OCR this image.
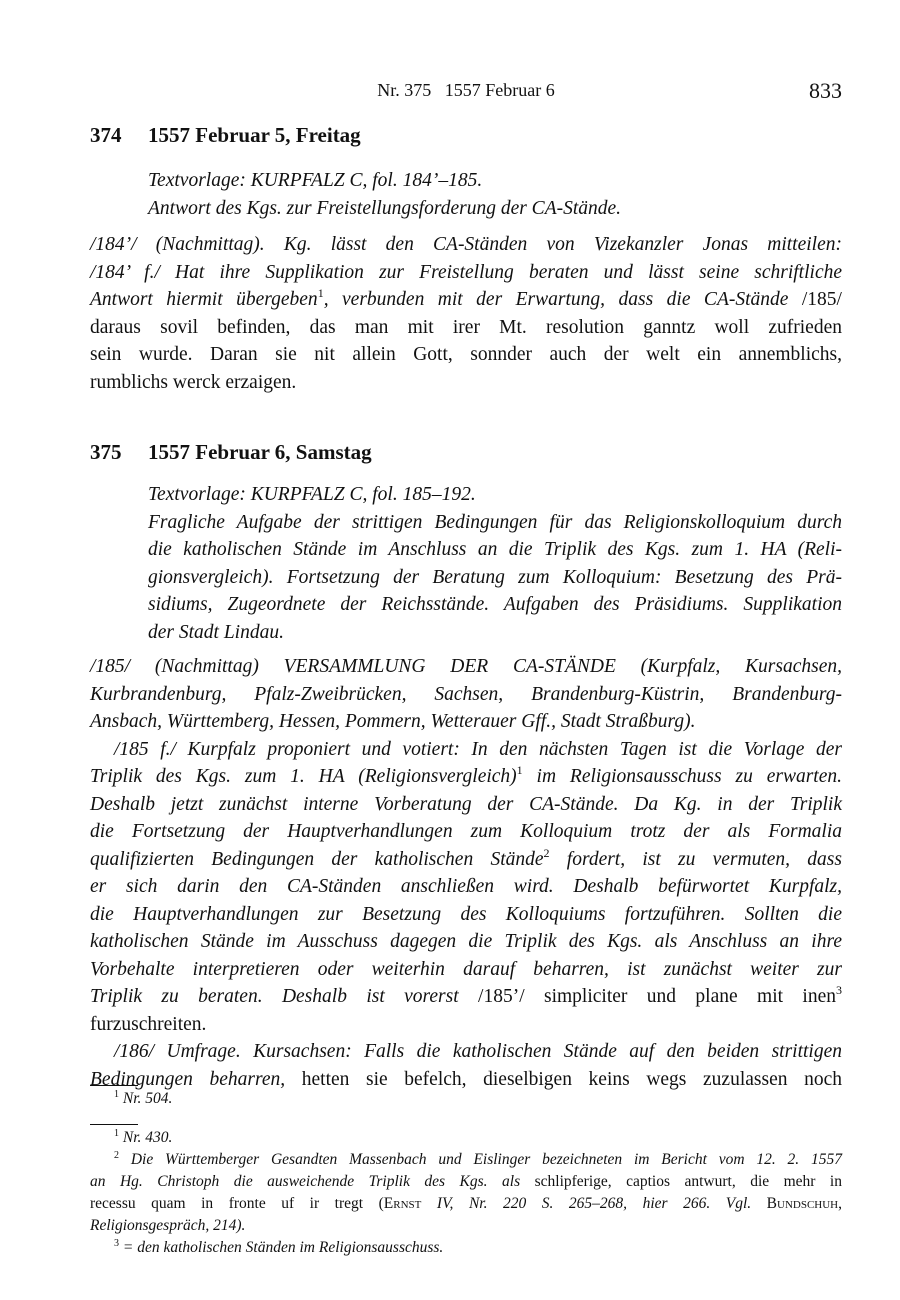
Nr. 375   1557 Februar 6	833
374 1557 Februar 5, Freitag
Textvorlage: KURPFALZ C, fol. 184’–185.
Antwort des Kgs. zur Freistellungsforderung der CA-Stände.
/184’/ (Nachmittag). Kg. lässt den CA-Ständen von Vizekanzler Jonas mitteilen:
/184’ f./ Hat ihre Supplikation zur Freistellung beraten und lässt seine schriftliche
Antwort hiermit übergeben$^1$, verbunden mit der Erwartung, dass die CA-Stände /185/
daraus sovil befinden, das man mit irer Mt. resolution ganntz woll zufrieden
sein wurde. Daran sie nit allein Gott, sonnder auch der welt ein annemblichs,
rumblichs werck erzaigen.
375 1557 Februar 6, Samstag
Textvorlage: KURPFALZ C, fol. 185–192.
Fragliche Aufgabe der strittigen Bedingungen für das Religionskolloquium durch
die katholischen Stände im Anschluss an die Triplik des Kgs. zum 1. HA (Reli-
gionsvergleich). Fortsetzung der Beratung zum Kolloquium: Besetzung des Prä-
sidiums, Zugeordnete der Reichsstände. Aufgaben des Präsidiums. Supplikation
der Stadt Lindau.
/185/ (Nachmittag) VERSAMMLUNG DER CA-STÄNDE (Kurpfalz, Kursachsen,
Kurbrandenburg, Pfalz-Zweibrücken, Sachsen, Brandenburg-Küstrin, Brandenburg-
Ansbach, Württemberg, Hessen, Pommern, Wetterauer Gff., Stadt Straßburg).
/185 f./ Kurpfalz proponiert und votiert: In den nächsten Tagen ist die Vorlage der
Triplik des Kgs. zum 1. HA (Religionsvergleich)$^1$ im Religionsausschuss zu erwarten.
Deshalb jetzt zunächst interne Vorberatung der CA-Stände. Da Kg. in der Triplik
die Fortsetzung der Hauptverhandlungen zum Kolloquium trotz der als Formalia
qualifizierten Bedingungen der katholischen Stände$^2$ fordert, ist zu vermuten, dass
er sich darin den CA-Ständen anschließen wird. Deshalb befürwortet Kurpfalz,
die Hauptverhandlungen zur Besetzung des Kolloquiums fortzuführen. Sollten die
katholischen Stände im Ausschuss dagegen die Triplik des Kgs. als Anschluss an ihre
Vorbehalte interpretieren oder weiterhin darauf beharren, ist zunächst weiter zur
Triplik zu beraten. Deshalb ist vorerst /185’/ simpliciter und plane mit inen$^3$
furzuschreiten.
/186/ Umfrage. Kursachsen: Falls die katholischen Stände auf den beiden strittigen
Bedingungen beharren, hetten sie befelch, dieselbigen keins wegs zuzulassen noch
$^1$ Nr. 504.
$^1$ Nr. 430.
$^2$ Die Württemberger Gesandten Massenbach und Eislinger bezeichneten im Bericht vom 12. 2. 1557
an Hg. Christoph die ausweichende Triplik des Kgs. als schlipferige, captios antwurt, die mehr in
recessu quam in fronte uf ir tregt (Ernst IV, Nr. 220 S. 265–268, hier 266. Vgl. Bundschuh,
Religionsgespräch, 214).
$^3$ = den katholischen Ständen im Religionsausschuss.
